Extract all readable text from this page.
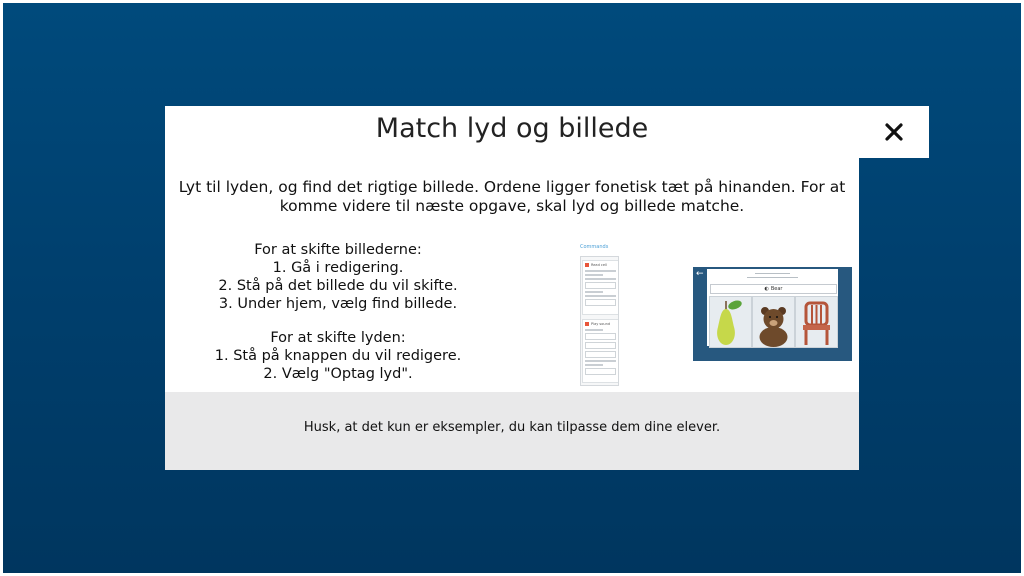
Match lyd og billede
Lyt til lyden, og find det rigtige billede. Ordene ligger fonetisk tæt på hinanden. For at
komme videre til næste opgave, skal lyd og billede matche.
For at skifte billederne:
1. Gå i redigering.
2. Stå på det billede du vil skifte.
3. Under hjem, vælg find billede.
For at skifte lyden:
1. Stå på knappen du vil redigere.
2. Vælg "Optag lyd".
Commands
Read cell
Play sound
←
◐ Bear
Husk, at det kun er eksempler, du kan tilpasse dem dine elever.
